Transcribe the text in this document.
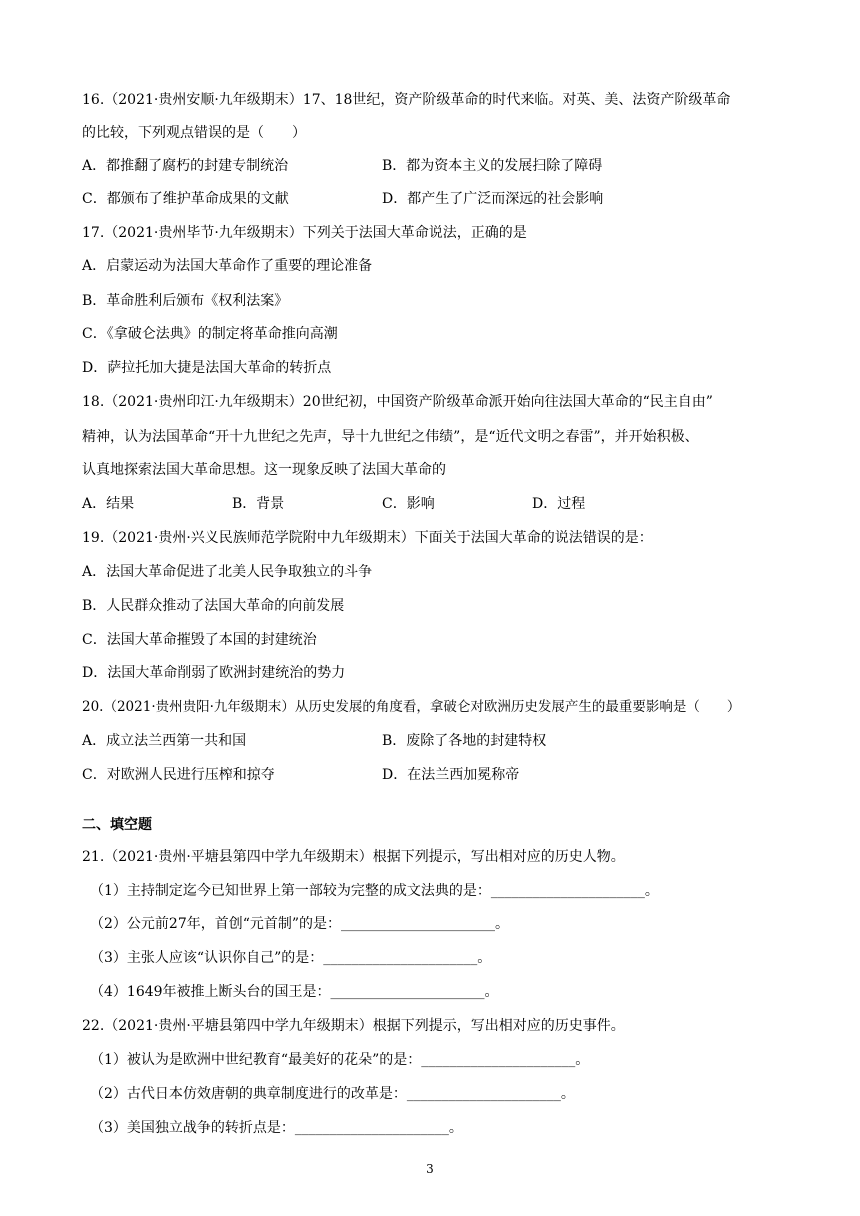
16.（2021·贵州安顺·九年级期末）17、18世纪，资产阶级革命的时代来临。对英、美、法资产阶级革命
的比较，下列观点错误的是（　　）
A．都推翻了腐朽的封建专制统治	B．都为资本主义的发展扫除了障碍
C．都颁布了维护革命成果的文献	D．都产生了广泛而深远的社会影响
17.（2021·贵州毕节·九年级期末）下列关于法国大革命说法，正确的是
A．启蒙运动为法国大革命作了重要的理论准备
B．革命胜利后颁布《权利法案》
C．《拿破仑法典》的制定将革命推向高潮
D．萨拉托加大捷是法国大革命的转折点
18.（2021·贵州印江·九年级期末）20世纪初，中国资产阶级革命派开始向往法国大革命的“民主自由”
精神，认为法国革命“开十九世纪之先声，导十九世纪之伟绩”，是“近代文明之春雷”，并开始积极、
认真地探索法国大革命思想。这一现象反映了法国大革命的
A．结果	B．背景	C．影响	D．过程
19.（2021·贵州·兴义民族师范学院附中九年级期末）下面关于法国大革命的说法错误的是：
A．法国大革命促进了北美人民争取独立的斗争
B．人民群众推动了法国大革命的向前发展
C．法国大革命摧毁了本国的封建统治
D．法国大革命削弱了欧洲封建统治的势力
20.（2021·贵州贵阳·九年级期末）从历史发展的角度看，拿破仑对欧洲历史发展产生的最重要影响是（　　）
A．成立法兰西第一共和国	B．废除了各地的封建特权
C．对欧洲人民进行压榨和掠夺	D．在法兰西加冕称帝
二、填空题
21.（2021·贵州·平塘县第四中学九年级期末）根据下列提示，写出相对应的历史人物。
（1）主持制定迄今已知世界上第一部较为完整的成文法典的是：______________________。
（2）公元前27年，首创“元首制”的是：______________________。
（3）主张人应该“认识你自己”的是：______________________。
（4）1649年被推上断头台的国王是：______________________。
22.（2021·贵州·平塘县第四中学九年级期末）根据下列提示，写出相对应的历史事件。
（1）被认为是欧洲中世纪教育“最美好的花朵”的是：______________________。
（2）古代日本仿效唐朝的典章制度进行的改革是：______________________。
（3）美国独立战争的转折点是：______________________。
3
